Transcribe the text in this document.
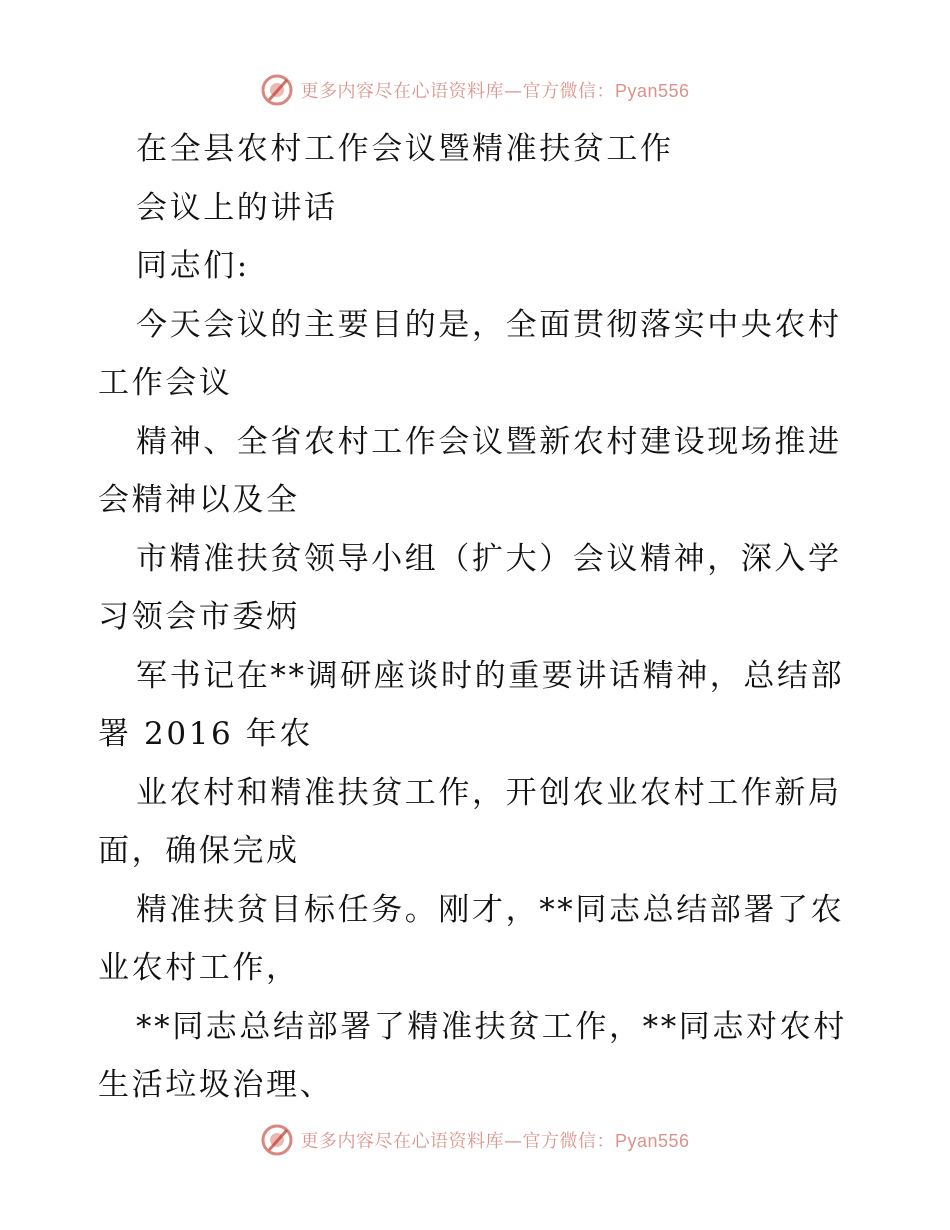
更多内容尽在心语资料库—官方微信：Pyan556
在全县农村工作会议暨精准扶贫工作
会议上的讲话
同志们:
今天会议的主要目的是，全面贯彻落实中央农村
工作会议
精神、全省农村工作会议暨新农村建设现场推进
会精神以及全
市精准扶贫领导小组（扩大）会议精神，深入学
习领会市委炳
军书记在**调研座谈时的重要讲话精神，总结部
署 2016 年农
业农村和精准扶贫工作，开创农业农村工作新局
面，确保完成
精准扶贫目标任务。刚才，**同志总结部署了农
业农村工作，
**同志总结部署了精准扶贫工作，**同志对农村
生活垃圾治理、
更多内容尽在心语资料库—官方微信：Pyan556
